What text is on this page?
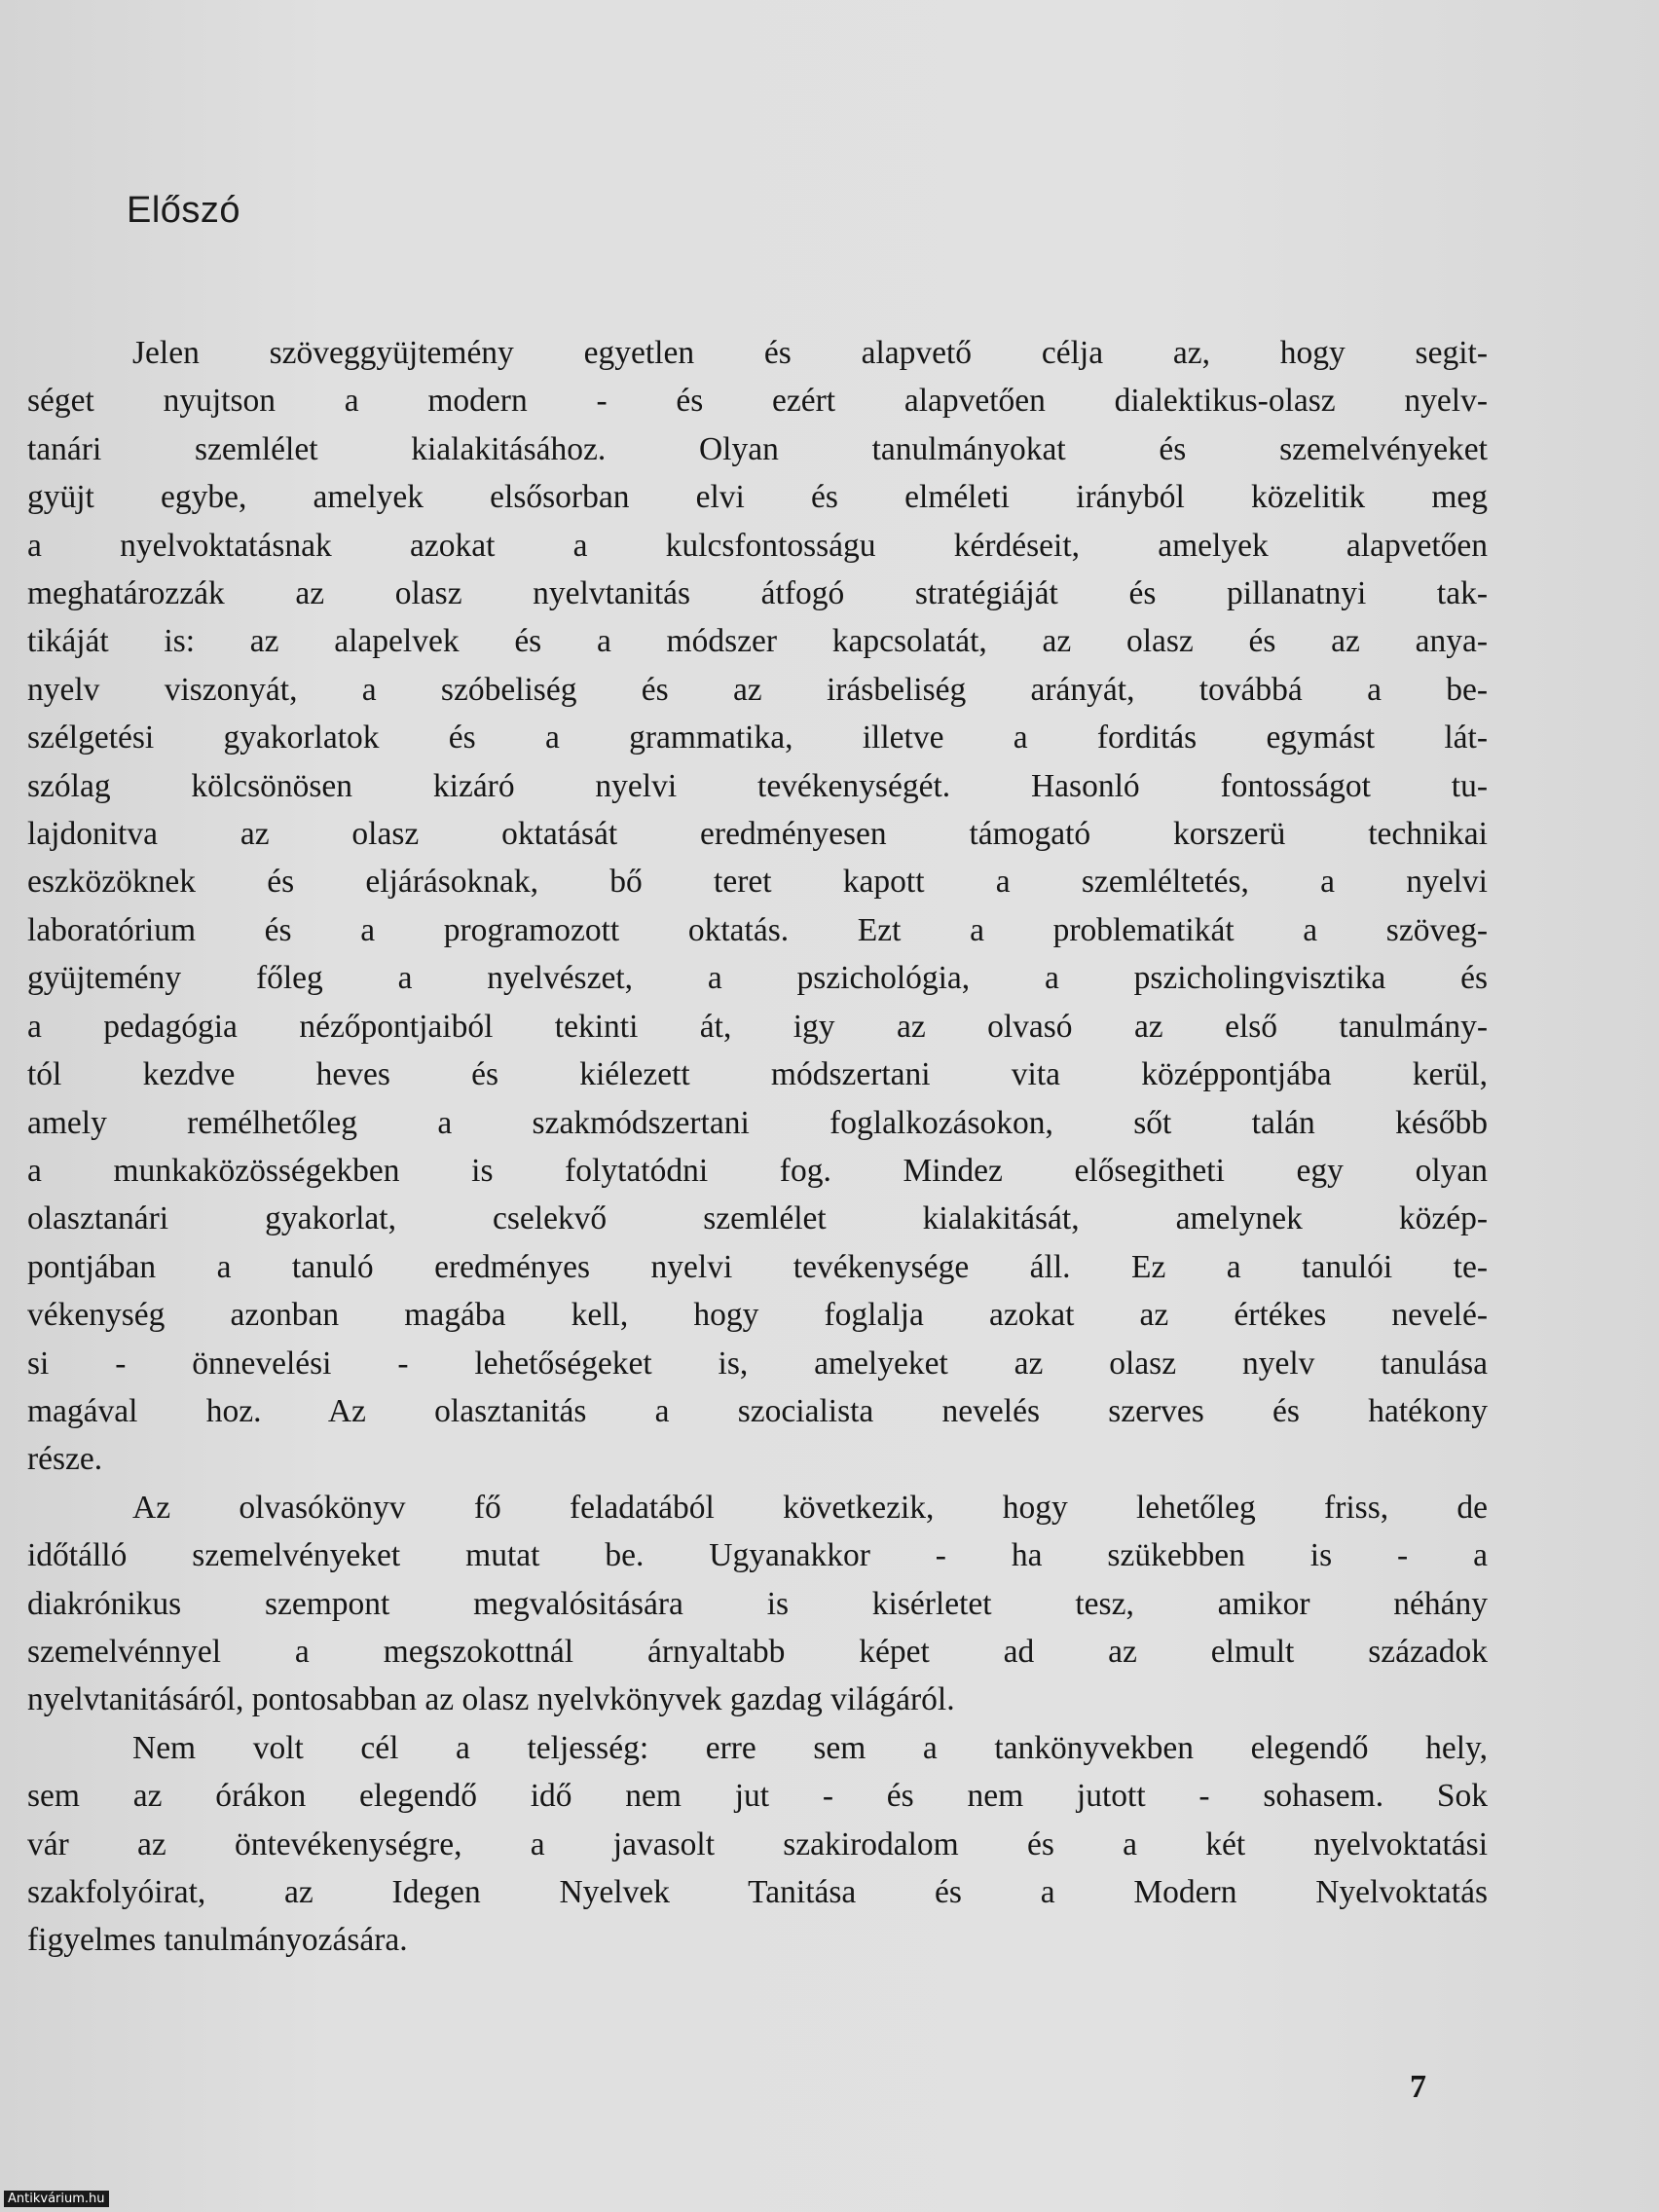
Előszó
Jelen szöveggyüjtemény egyetlen és alapvető célja az, hogy segit-
séget nyujtson a modern - és ezért alapvetően dialektikus-olasz nyelv-
tanári szemlélet kialakitásához. Olyan tanulmányokat és szemelvényeket
gyüjt egybe, amelyek elsősorban elvi és elméleti irányból közelitik meg
a nyelvoktatásnak azokat a kulcsfontosságu kérdéseit, amelyek alapvetően
meghatározzák az olasz nyelvtanitás átfogó stratégiáját és pillanatnyi tak-
tikáját is: az alapelvek és a módszer kapcsolatát, az olasz és az anya-
nyelv viszonyát, a szóbeliség és az irásbeliség arányát, továbbá a be-
szélgetési gyakorlatok és a grammatika, illetve a forditás egymást lát-
szólag kölcsönösen kizáró nyelvi tevékenységét. Hasonló fontosságot tu-
lajdonitva az olasz oktatását eredményesen támogató korszerü technikai
eszközöknek és eljárásoknak, bő teret kapott a szemléltetés, a nyelvi
laboratórium és a programozott oktatás. Ezt a problematikát a szöveg-
gyüjtemény főleg a nyelvészet, a pszichológia, a pszicholingvisztika és
a pedagógia nézőpontjaiból tekinti át, igy az olvasó az első tanulmány-
tól kezdve heves és kiélezett módszertani vita középpontjába kerül,
amely remélhetőleg a szakmódszertani foglalkozásokon, sőt talán később
a munkaközösségekben is folytatódni fog. Mindez elősegitheti egy olyan
olasztanári gyakorlat, cselekvő szemlélet kialakitását, amelynek közép-
pontjában a tanuló eredményes nyelvi tevékenysége áll. Ez a tanulói te-
vékenység azonban magába kell, hogy foglalja azokat az értékes nevelé-
si - önnevelési - lehetőségeket is, amelyeket az olasz nyelv tanulása
magával hoz. Az olasztanitás a szocialista nevelés szerves és hatékony
része.
Az olvasókönyv fő feladatából következik, hogy lehetőleg friss, de
időtálló szemelvényeket mutat be. Ugyanakkor - ha szükebben is - a
diakrónikus szempont megvalósitására is kisérletet tesz, amikor néhány
szemelvénnyel a megszokottnál árnyaltabb képet ad az elmult századok
nyelvtanitásáról, pontosabban az olasz nyelvkönyvek gazdag világáról.
Nem volt cél a teljesség: erre sem a tankönyvekben elegendő hely,
sem az órákon elegendő idő nem jut - és nem jutott - sohasem. Sok
vár az öntevékenységre, a javasolt szakirodalom és a két nyelvoktatási
szakfolyóirat, az Idegen Nyelvek Tanitása és a Modern Nyelvoktatás
figyelmes tanulmányozására.
7
Antikvárium.hu
